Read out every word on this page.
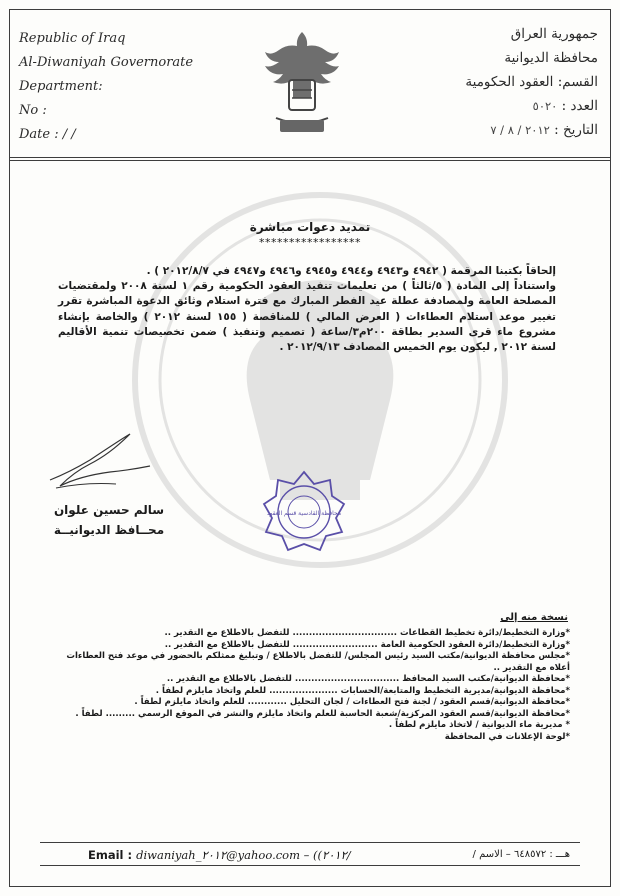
Republic of Iraq
Al-Diwaniyah Governorate
Department:
No :
Date : / /
جمهورية العراق
محافظة الديوانية
القسم: العقود الحكومية
العدد : ٥٠٢٠
التاريخ : ٢٠١٢ / ٨ / ٧
تمديد دعوات مباشرة
*****************

إلحاقاً بكتبنا المرقمة ( ٤٩٤٢ و٤٩٤٣ و٤٩٤٤ و٤٩٤٥ و٤٩٤٦ و٤٩٤٧ في ٢٠١٢/٨/٧ ) .

واستناداً إلى المادة ( ٥/ثالثاً ) من تعليمات تنفيذ العقود الحكومية رقم ١ لسنة ٢٠٠٨ ولمقتضيات المصلحة العامة ولمصادفة عطلة عيد الفطر المبارك مع فترة استلام وثائق الدعوة المباشرة تقرر تغيير موعد استلام العطاءات ( العرض المالي ) للمناقصة ( ١٥٥ لسنة ٢٠١٢ ) والخاصة بإنشاء مشروع ماء قرى السدير بطاقة ٢٠٠م٣/ساعة ( تصميم وتنفيذ ) ضمن تخصيصات تنمية الأقاليم لسنة ٢٠١٢ , ليكون يوم الخميس المصادف ٢٠١٢/٩/١٣ .

سالم حسين علوان
محــافظ الديوانيــة
محافظة القادسية قسم العقود
نسخة منه إلى
*وزارة التخطيط/دائرة تخطيط القطاعات ................................ للتفضل بالاطلاع مع التقدير ..
*وزارة التخطيط/دائرة العقود الحكومية العامة .......................... للتفضل بالاطلاع مع التقدير ..
*مجلس محافظة الديوانية/مكتب السيد رئيس المجلس/ للتفضل بالاطلاع / وتبليغ ممثلكم بالحضور في موعد فتح العطاءات أعلاه مع التقدير ..
*محافظة الديوانية/مكتب السيد المحافظ ................................ للتفضل بالاطلاع مع التقدير ..
*محافظة الديوانية/مديرية التخطيط والمتابعة/الحسابات ..................... للعلم واتخاذ مايلزم لطفاً .
*محافظة الديوانية/قسم العقود / لجنة فتح العطاءات / لجان التحليل ............ للعلم واتخاذ مايلزم لطفاً .
*محافظة الديوانية/قسم العقود المركزية/شعبة الحاسبة للعلم واتخاذ مايلزم والنشر في الموقع الرسمي ......... لطفاً .
* مديرية ماء الديوانية / لاتخاذ مايلزم لطفاً .
*لوحة الإعلانات في المحافظة
Email : diwaniyah_٢٠١٢@yahoo.com – ((٢٠١٢/	هـــ : ٦٤٨٥٧٢ – الاسم /
